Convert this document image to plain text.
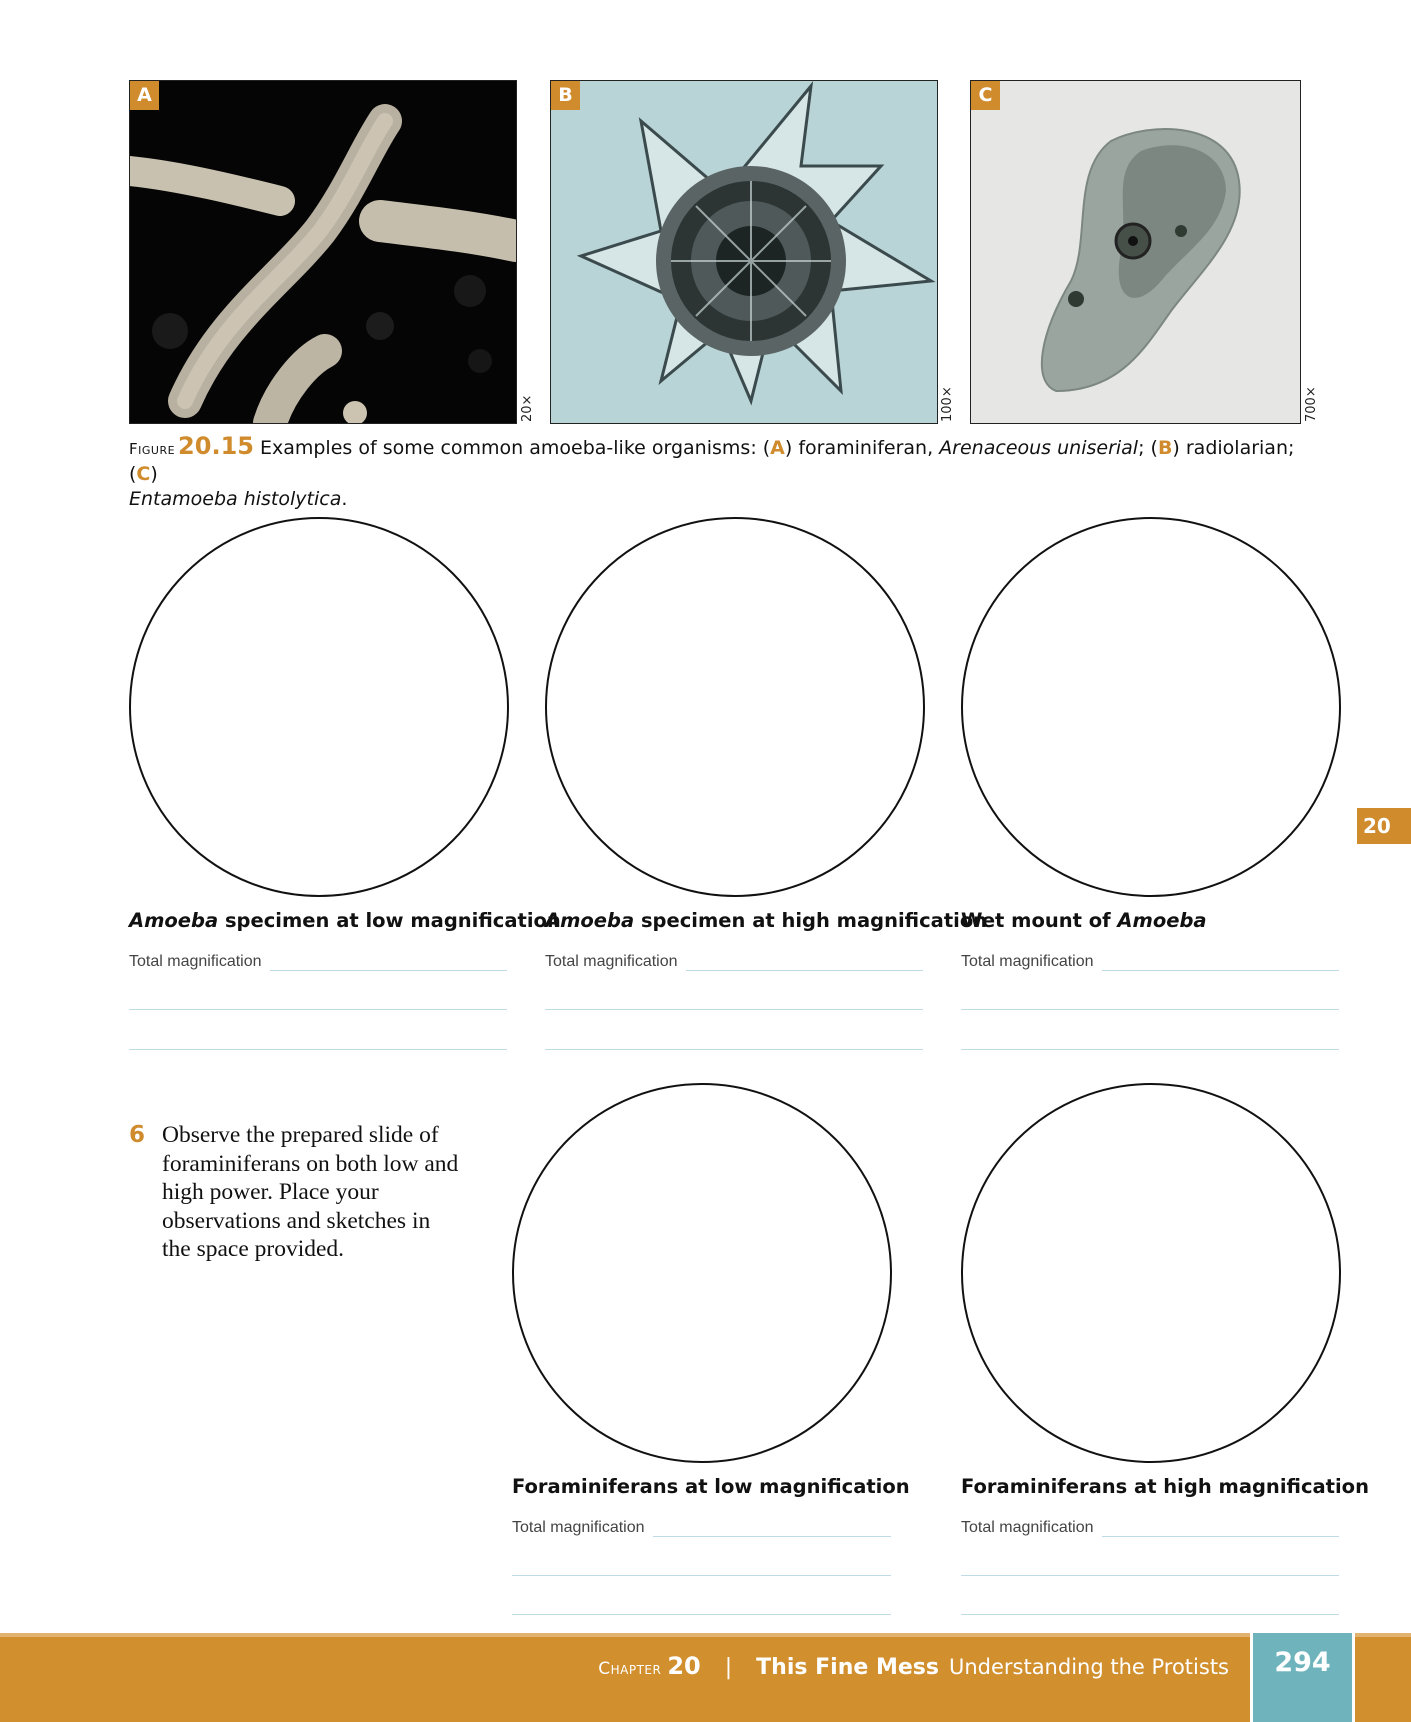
A
20×
B
100×
C
700×
Figure 20.15 Examples of some common amoeba-like organisms: (A) foraminiferan, Arenaceous uniserial; (B) radiolarian; (C)
Entamoeba histolytica.
Amoeba specimen at low magnification
Amoeba specimen at high magnification
Wet mount of Amoeba
Total magnification	Total magnification	Total magnification
6 Observe the prepared slide of foraminiferans on both low and high power. Place your observations and sketches in the space provided.
Foraminiferans at low magnification	Foraminiferans at high magnification
Total magnification	Total magnification
20
Chapter 20 | This Fine Mess Understanding the Protists	294
